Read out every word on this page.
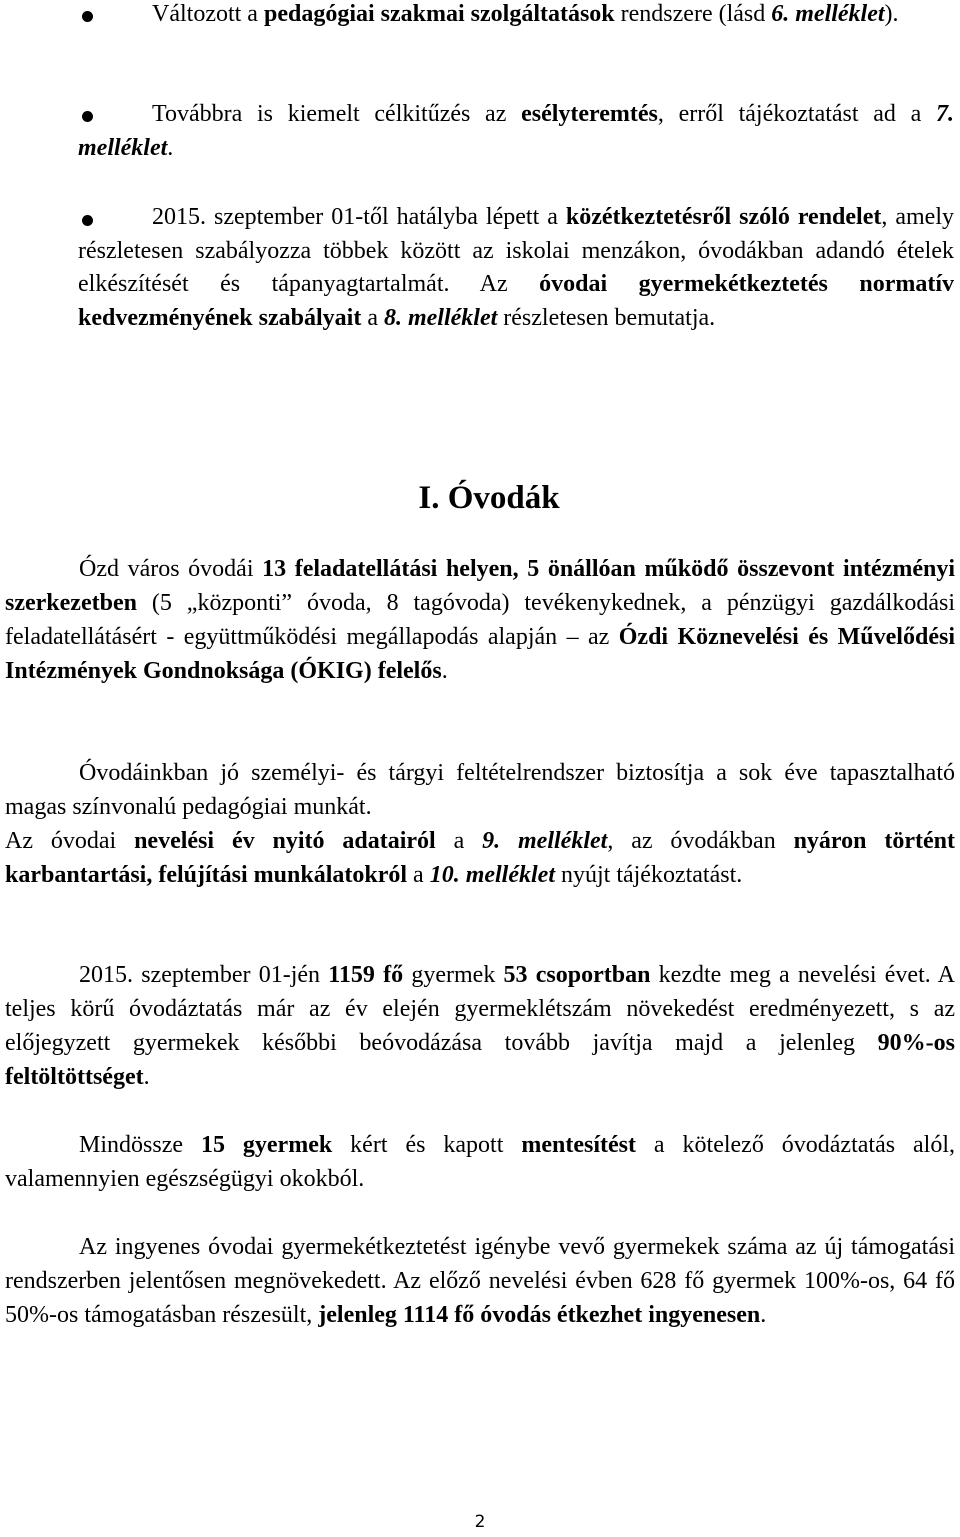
Változott a pedagógiai szakmai szolgáltatások rendszere (lásd 6. melléklet).
Továbbra is kiemelt célkitűzés az esélyteremtés, erről tájékoztatást ad a 7. melléklet.
2015. szeptember 01-től hatályba lépett a közétkeztetésről szóló rendelet, amely részletesen szabályozza többek között az iskolai menzákon, óvodákban adandó ételek elkészítését és tápanyagtartalmát. Az óvodai gyermekétkeztetés normatív kedvezményének szabályait a 8. melléklet részletesen bemutatja.
I. Óvodák
Ózd város óvodái 13 feladatellátási helyen, 5 önállóan működő összevont intézményi szerkezetben (5 „központi” óvoda, 8 tagóvoda) tevékenykednek, a pénzügyi gazdálkodási feladatellátásért - együttműködési megállapodás alapján – az Ózdi Köznevelési és Művelődési Intézmények Gondnoksága (ÓKIG) felelős.
Óvodáinkban jó személyi- és tárgyi feltételrendszer biztosítja a sok éve tapasztalható magas színvonalú pedagógiai munkát.
Az óvodai nevelési év nyitó adatairól a 9. melléklet, az óvodákban nyáron történt karbantartási, felújítási munkálatokról a 10. melléklet nyújt tájékoztatást.
2015. szeptember 01-jén 1159 fő gyermek 53 csoportban kezdte meg a nevelési évet. A teljes körű óvodáztatás már az év elején gyermeklétszám növekedést eredményezett, s az előjegyzett gyermekek későbbi beóvodázása tovább javítja majd a jelenleg 90%-os feltöltöttséget.
Mindössze 15 gyermek kért és kapott mentesítést a kötelező óvodáztatás alól, valamennyien egészségügyi okokból.
Az ingyenes óvodai gyermekétkeztetést igénybe vevő gyermekek száma az új támogatási rendszerben jelentősen megnövekedett. Az előző nevelési évben 628 fő gyermek 100%-os, 64 fő 50%-os támogatásban részesült, jelenleg 1114 fő óvodás étkezhet ingyenesen.
2
